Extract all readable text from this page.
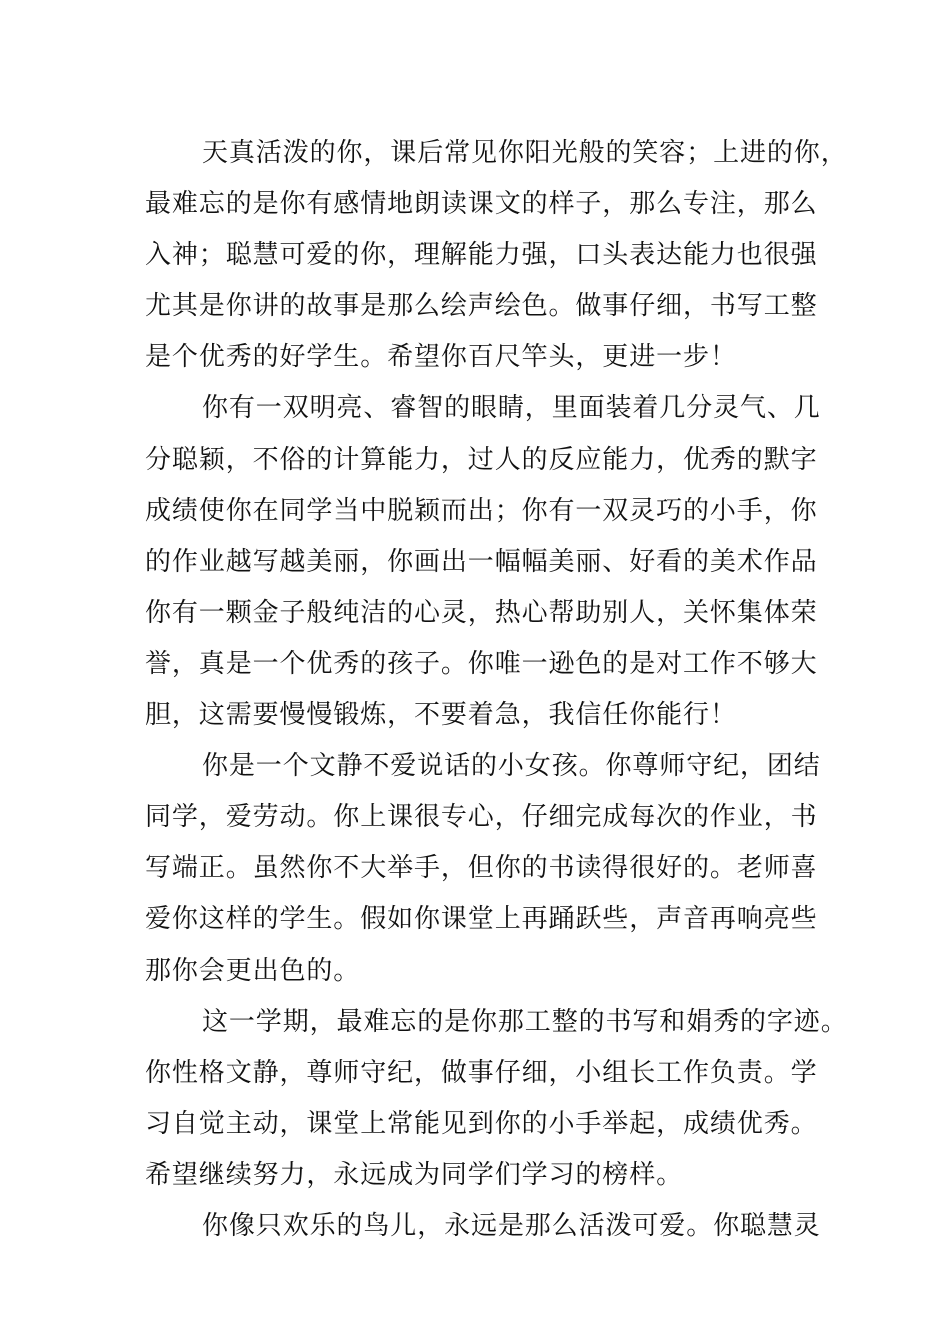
天真活泼的你，课后常见你阳光般的笑容；上进的你，
最难忘的是你有感情地朗读课文的样子，那么专注，那么
入神；聪慧可爱的你，理解能力强，口头表达能力也很强
尤其是你讲的故事是那么绘声绘色。做事仔细，书写工整
是个优秀的好学生。希望你百尺竿头，更进一步！
你有一双明亮、睿智的眼睛，里面装着几分灵气、几
分聪颖，不俗的计算能力，过人的反应能力，优秀的默字
成绩使你在同学当中脱颖而出；你有一双灵巧的小手，你
的作业越写越美丽，你画出一幅幅美丽、好看的美术作品
你有一颗金子般纯洁的心灵，热心帮助别人，关怀集体荣
誉，真是一个优秀的孩子。你唯一逊色的是对工作不够大
胆，这需要慢慢锻炼，不要着急，我信任你能行！
你是一个文静不爱说话的小女孩。你尊师守纪，团结
同学，爱劳动。你上课很专心，仔细完成每次的作业，书
写端正。虽然你不大举手，但你的书读得很好的。老师喜
爱你这样的学生。假如你课堂上再踊跃些，声音再响亮些
那你会更出色的。
这一学期，最难忘的是你那工整的书写和娟秀的字迹。
你性格文静，尊师守纪，做事仔细，小组长工作负责。学
习自觉主动，课堂上常能见到你的小手举起，成绩优秀。
希望继续努力，永远成为同学们学习的榜样。
你像只欢乐的鸟儿，永远是那么活泼可爱。你聪慧灵
